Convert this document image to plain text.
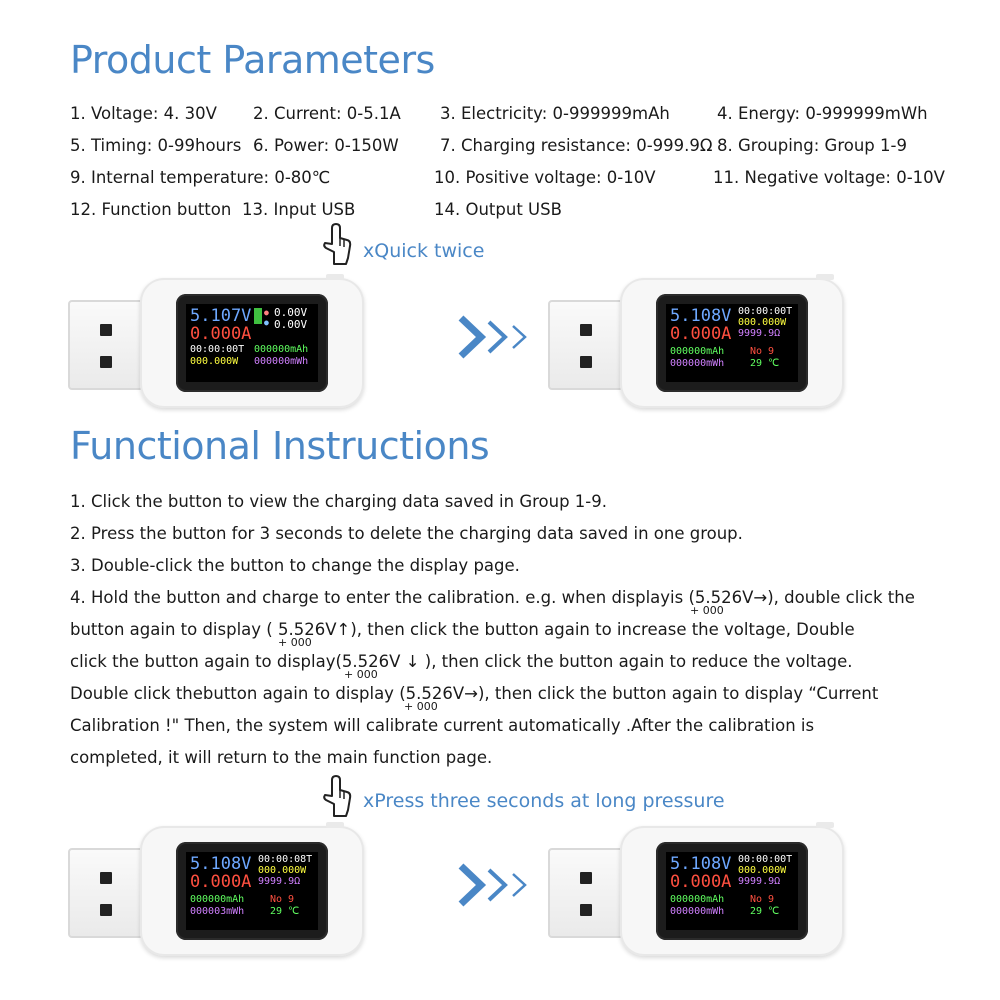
Product Parameters
1. Voltage: 4. 30V 2. Current: 0-5.1A 3. Electricity: 0-999999mAh	4. Energy: 0-999999mWh
5. Timing: 0-99hours 6. Power: 0-150W	7. Charging resistance: 0-999.9Ω 8. Grouping: Group 1-9
9. Internal temperature: 0-80℃	10. Positive voltage: 0-10V	11. Negative voltage: 0-10V
12. Function button 13. Input USB	14. Output USB
xQuick twice
5.107V
0.000A
00:00:00T
000.000W
●
●
0.00V
0.00V
000000mAh
000000mWh
5.108V
0.000A
000000mAh
000000mWh
00:00:00T
000.000W
9999.9Ω
No 9
29 ℃
Functional Instructions
1. Click the button to view the charging data saved in Group 1-9.
2. Press the button for 3 seconds to delete the charging data saved in one group.
3. Double-click the button to change the display page.
4. Hold the button and charge to enter the calibration. e.g. when displayis (5.526V→), double click the
+ 000
button again to display ( 5.526V↑), then click the button again to increase the voltage, Double
+ 000
click the button again to display(5.526V ↓ ), then click the button again to reduce the voltage.
+ 000
Double click thebutton again to display (5.526V→), then click the button again to display “Current
+ 000
Calibration !" Then, the system will calibrate current automatically .After the calibration is
completed, it will return to the main function page.
xPress three seconds at long pressure
5.108V
0.000A
000000mAh
000003mWh
00:00:08T
000.000W
9999.9Ω
No 9
29 ℃
5.108V
0.000A
000000mAh
000000mWh
00:00:00T
000.000W
9999.9Ω
No 9
29 ℃
